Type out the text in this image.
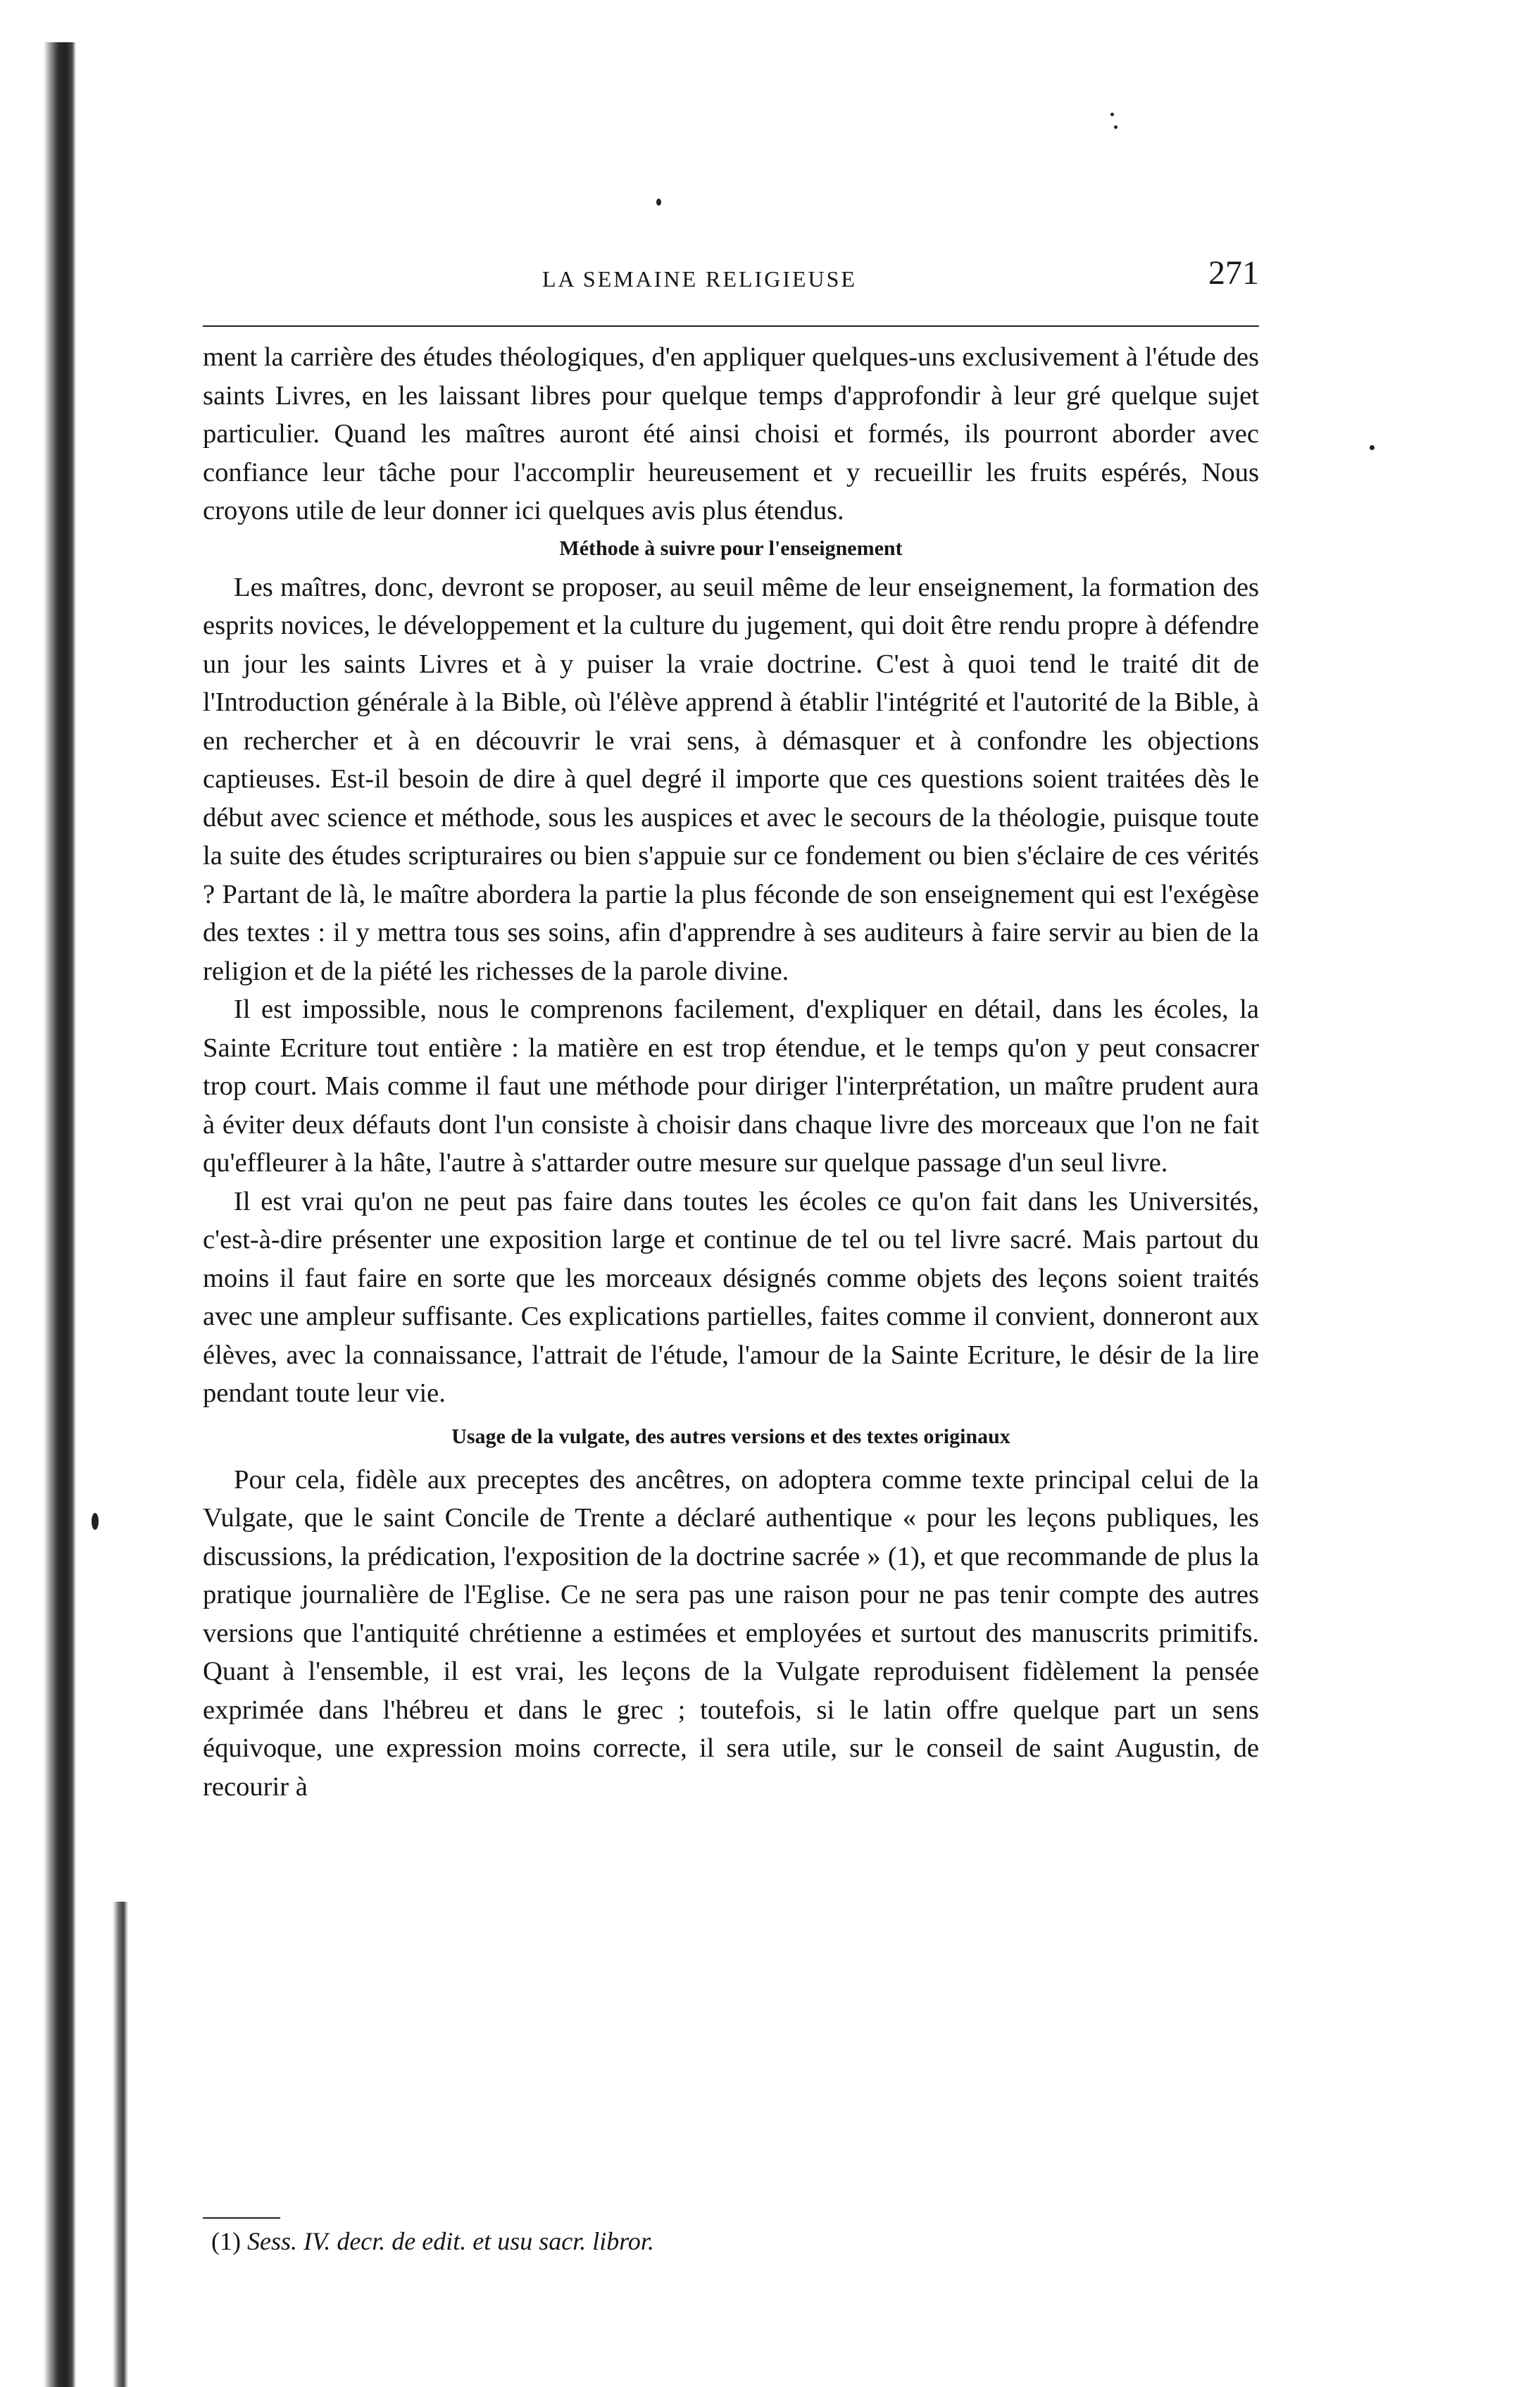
LA SEMAINE RELIGIEUSE	271

ment la carrière des études théologiques, d'en appliquer quelques-uns exclusivement à l'étude des saints Livres, en les laissant libres pour quelque temps d'approfondir à leur gré quelque sujet particulier. Quand les maîtres auront été ainsi choisi et formés, ils pourront aborder avec confiance leur tâche pour l'accomplir heureusement et y recueillir les fruits espérés, Nous croyons utile de leur donner ici quelques avis plus étendus.

Méthode à suivre pour l'enseignement

Les maîtres, donc, devront se proposer, au seuil même de leur enseignement, la formation des esprits novices, le développement et la culture du jugement, qui doit être rendu propre à défendre un jour les saints Livres et à y puiser la vraie doctrine. C'est à quoi tend le traité dit de l'Introduction générale à la Bible, où l'élève apprend à établir l'intégrité et l'autorité de la Bible, à en rechercher et à en découvrir le vrai sens, à démasquer et à confondre les objections captieuses. Est-il besoin de dire à quel degré il importe que ces questions soient traitées dès le début avec science et méthode, sous les auspices et avec le secours de la théologie, puisque toute la suite des études scripturaires ou bien s'appuie sur ce fondement ou bien s'éclaire de ces vérités ? Partant de là, le maître abordera la partie la plus féconde de son enseignement qui est l'exégèse des textes : il y mettra tous ses soins, afin d'apprendre à ses auditeurs à faire servir au bien de la religion et de la piété les richesses de la parole divine.

Il est impossible, nous le comprenons facilement, d'expliquer en détail, dans les écoles, la Sainte Ecriture tout entière : la matière en est trop étendue, et le temps qu'on y peut consacrer trop court. Mais comme il faut une méthode pour diriger l'interprétation, un maître prudent aura à éviter deux défauts dont l'un consiste à choisir dans chaque livre des morceaux que l'on ne fait qu'effleurer à la hâte, l'autre à s'attarder outre mesure sur quelque passage d'un seul livre.

Il est vrai qu'on ne peut pas faire dans toutes les écoles ce qu'on fait dans les Universités, c'est-à-dire présenter une exposition large et continue de tel ou tel livre sacré. Mais partout du moins il faut faire en sorte que les morceaux désignés comme objets des leçons soient traités avec une ampleur suffisante. Ces explications partielles, faites comme il convient, donneront aux élèves, avec la connaissance, l'attrait de l'étude, l'amour de la Sainte Ecriture, le désir de la lire pendant toute leur vie.

Usage de la vulgate, des autres versions et des textes originaux

Pour cela, fidèle aux preceptes des ancêtres, on adoptera comme texte principal celui de la Vulgate, que le saint Concile de Trente a déclaré authentique « pour les leçons publiques, les discussions, la prédication, l'exposition de la doctrine sacrée » (1), et que recommande de plus la pratique journalière de l'Eglise. Ce ne sera pas une raison pour ne pas tenir compte des autres versions que l'antiquité chrétienne a estimées et employées et surtout des manuscrits primitifs. Quant à l'ensemble, il est vrai, les leçons de la Vulgate reproduisent fidèlement la pensée exprimée dans l'hébreu et dans le grec ; toutefois, si le latin offre quelque part un sens équivoque, une expression moins correcte, il sera utile, sur le conseil de saint Augustin, de recourir à

(1) Sess. IV. decr. de edit. et usu sacr. libror.
